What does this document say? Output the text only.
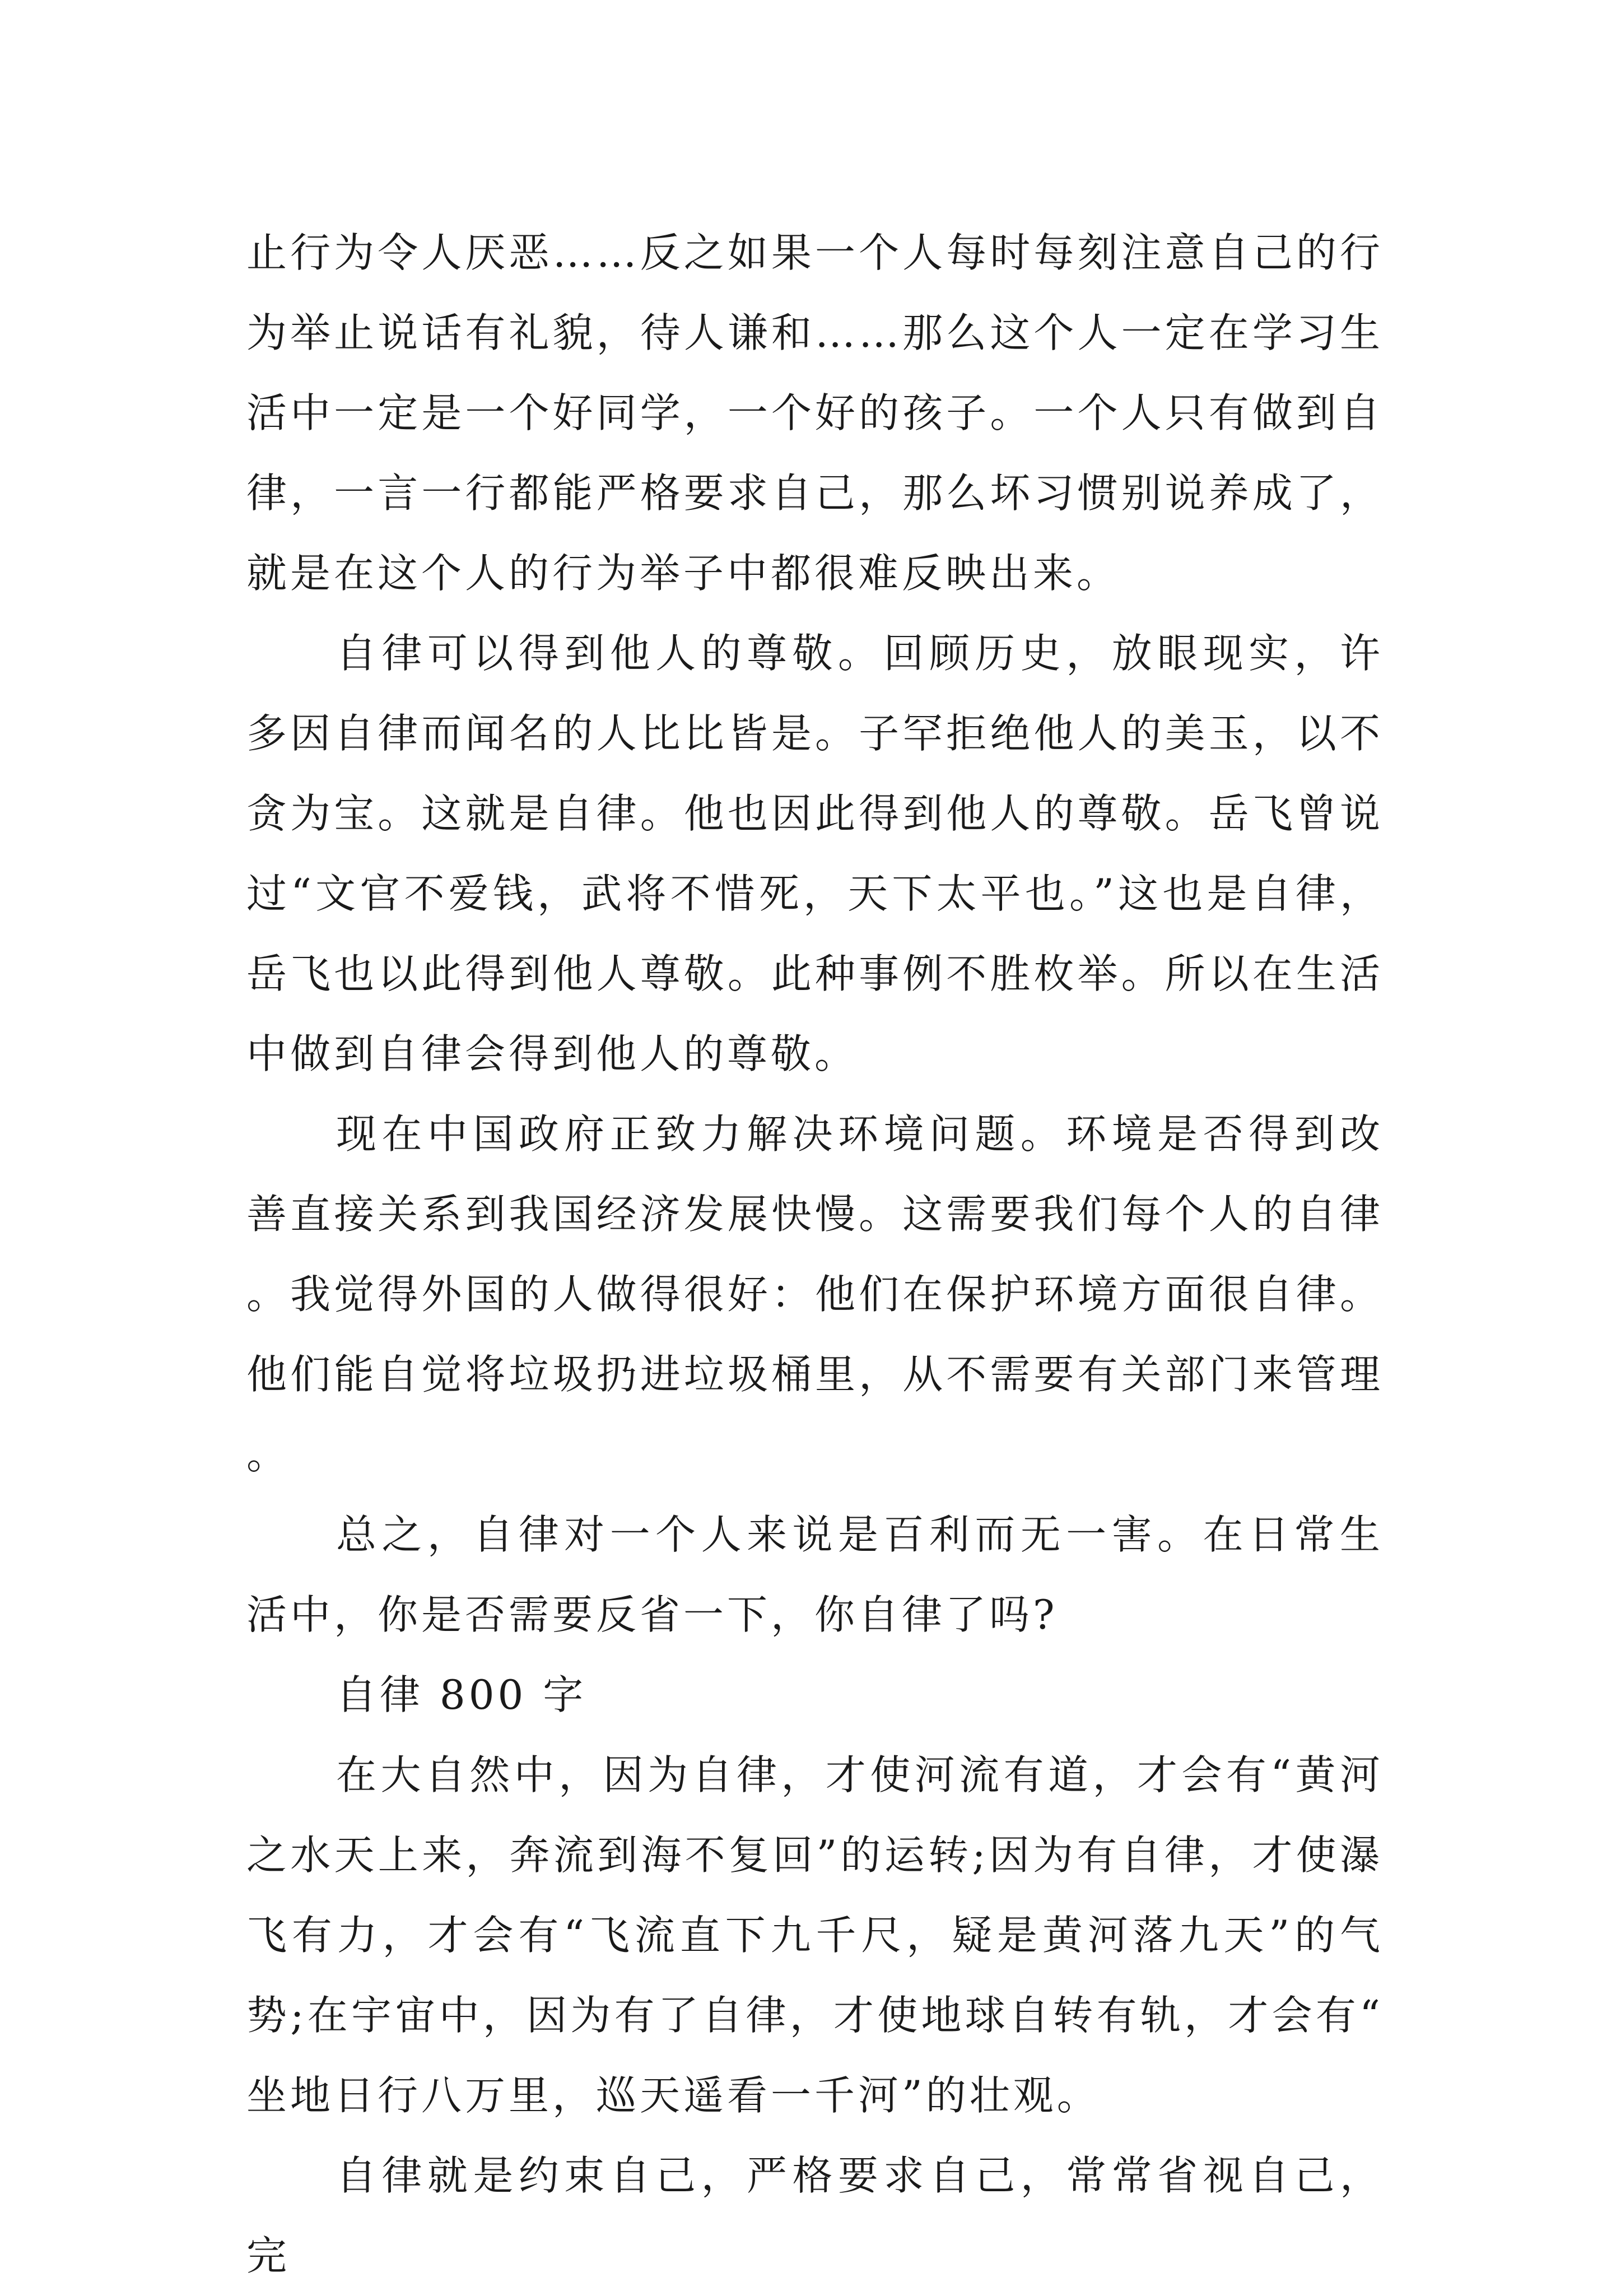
止行为令人厌恶……反之如果一个人每时每刻注意自己的行为举止说话有礼貌，待人谦和……那么这个人一定在学习生活中一定是一个好同学，一个好的孩子。一个人只有做到自律，一言一行都能严格要求自己，那么坏习惯别说养成了，就是在这个人的行为举子中都很难反映出来。

自律可以得到他人的尊敬。回顾历史，放眼现实，许多因自律而闻名的人比比皆是。子罕拒绝他人的美玉，以不贪为宝。这就是自律。他也因此得到他人的尊敬。岳飞曾说过“文官不爱钱，武将不惜死，天下太平也。”这也是自律，岳飞也以此得到他人尊敬。此种事例不胜枚举。所以在生活中做到自律会得到他人的尊敬。

现在中国政府正致力解决环境问题。环境是否得到改善直接关系到我国经济发展快慢。这需要我们每个人的自律。我觉得外国的人做得很好：他们在保护环境方面很自律。他们能自觉将垃圾扔进垃圾桶里，从不需要有关部门来管理。

总之，自律对一个人来说是百利而无一害。在日常生活中，你是否需要反省一下，你自律了吗?

自律 800 字

在大自然中，因为自律，才使河流有道，才会有“黄河之水天上来，奔流到海不复回”的运转;因为有自律，才使瀑飞有力，才会有“飞流直下九千尺，疑是黄河落九天”的气势;在宇宙中，因为有了自律，才使地球自转有轨，才会有“坐地日行八万里，巡天遥看一千河”的壮观。

自律就是约束自己，严格要求自己，常常省视自己，完
